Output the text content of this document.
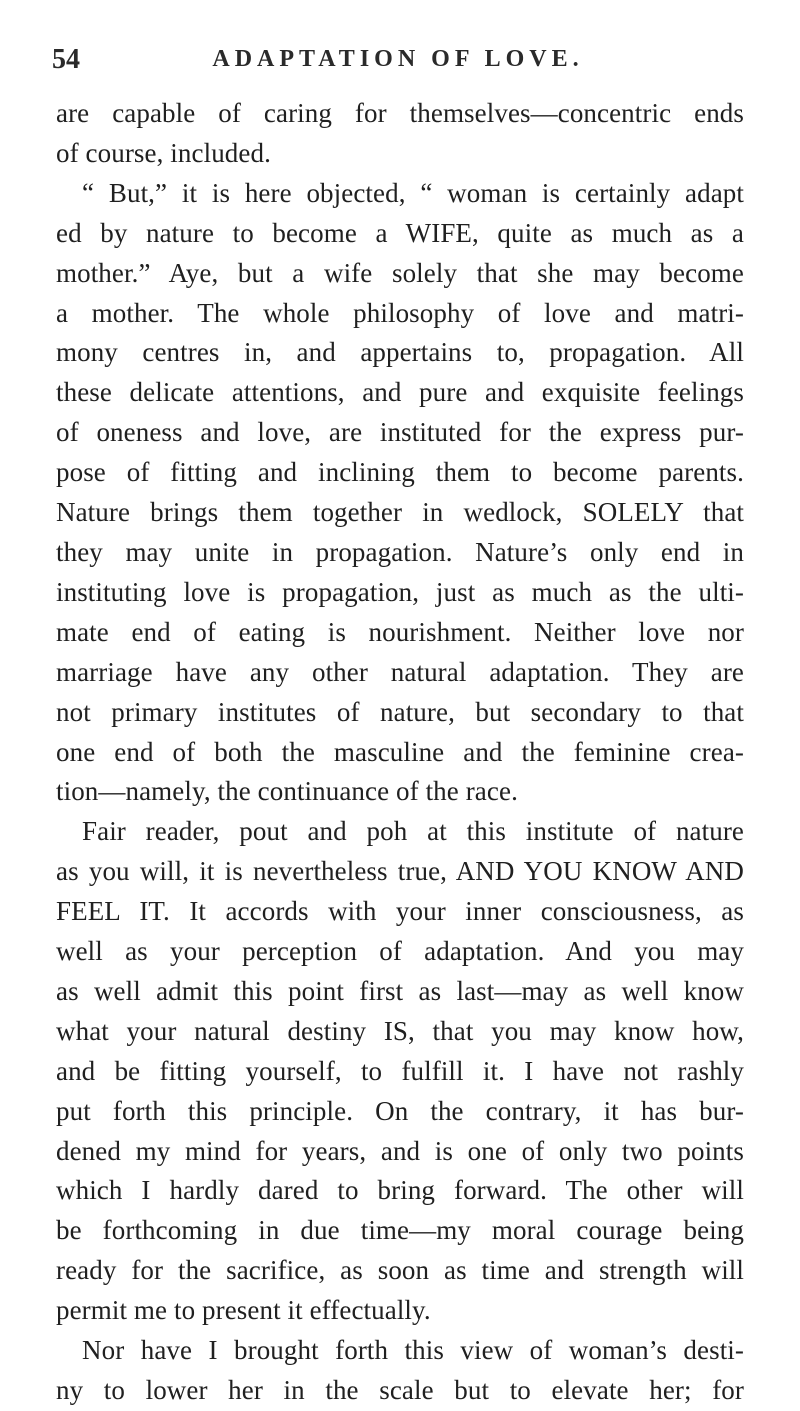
54	ADAPTATION OF LOVE.
are capable of caring for themselves—concentric ends
of course, included.
“ But,” it is here objected, “ woman is certainly adapt
ed by nature to become a WIFE, quite as much as a
mother.” Aye, but a wife solely that she may become
a mother. The whole philosophy of love and matri-
mony centres in, and appertains to, propagation. All
these delicate attentions, and pure and exquisite feelings
of oneness and love, are instituted for the express pur-
pose of fitting and inclining them to become parents.
Nature brings them together in wedlock, SOLELY that
they may unite in propagation. Nature’s only end in
instituting love is propagation, just as much as the ulti-
mate end of eating is nourishment. Neither love nor
marriage have any other natural adaptation. They are
not primary institutes of nature, but secondary to that
one end of both the masculine and the feminine crea-
tion—namely, the continuance of the race.
Fair reader, pout and poh at this institute of nature
as you will, it is nevertheless true, AND YOU KNOW AND
FEEL IT. It accords with your inner consciousness, as
well as your perception of adaptation. And you may
as well admit this point first as last—may as well know
what your natural destiny IS, that you may know how,
and be fitting yourself, to fulfill it. I have not rashly
put forth this principle. On the contrary, it has bur-
dened my mind for years, and is one of only two points
which I hardly dared to bring forward. The other will
be forthcoming in due time—my moral courage being
ready for the sacrifice, as soon as time and strength will
permit me to present it effectually.
Nor have I brought forth this view of woman’s desti-
ny to lower her in the scale but to elevate her; for
